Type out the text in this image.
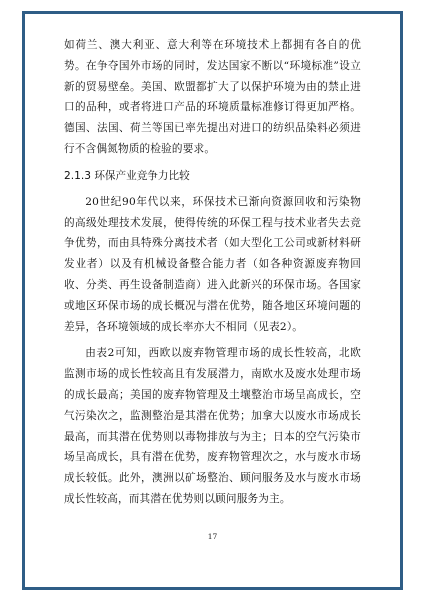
如荷兰、澳大利亚、意大利等在环境技术上都拥有各自的优势。在争夺国外市场的同时，发达国家不断以“环境标准”设立新的贸易壁垒。美国、欧盟都扩大了以保护环境为由的禁止进口的品种，或者将进口产品的环境质量标准修订得更加严格。德国、法国、荷兰等国已率先提出对进口的纺织品染料必须进行不含偶氮物质的检验的要求。

2.1.3 环保产业竞争力比较

20世纪90年代以来，环保技术已渐向资源回收和污染物的高级处理技术发展，使得传统的环保工程与技术业者失去竞争优势，而由具特殊分离技术者（如大型化工公司或新材料研发业者）以及有机械设备整合能力者（如各种资源废弃物回收、分类、再生设备制造商）进入此新兴的环保市场。各国家或地区环保市场的成长概况与潜在优势，随各地区环境问题的差异，各环境领域的成长率亦大不相同（见表2）。

由表2可知，西欧以废弃物管理市场的成长性较高，北欧监测市场的成长性较高且有发展潜力，南欧水及废水处理市场的成长最高；美国的废弃物管理及土壤整治市场呈高成长，空气污染次之，监测整治是其潜在优势；加拿大以废水市场成长最高，而其潜在优势则以毒物排放与为主；日本的空气污染市场呈高成长，具有潜在优势，废弃物管理次之，水与废水市场成长较低。此外，澳洲以矿场整治、顾问服务及水与废水市场成长性较高，而其潜在优势则以顾问服务为主。

17
